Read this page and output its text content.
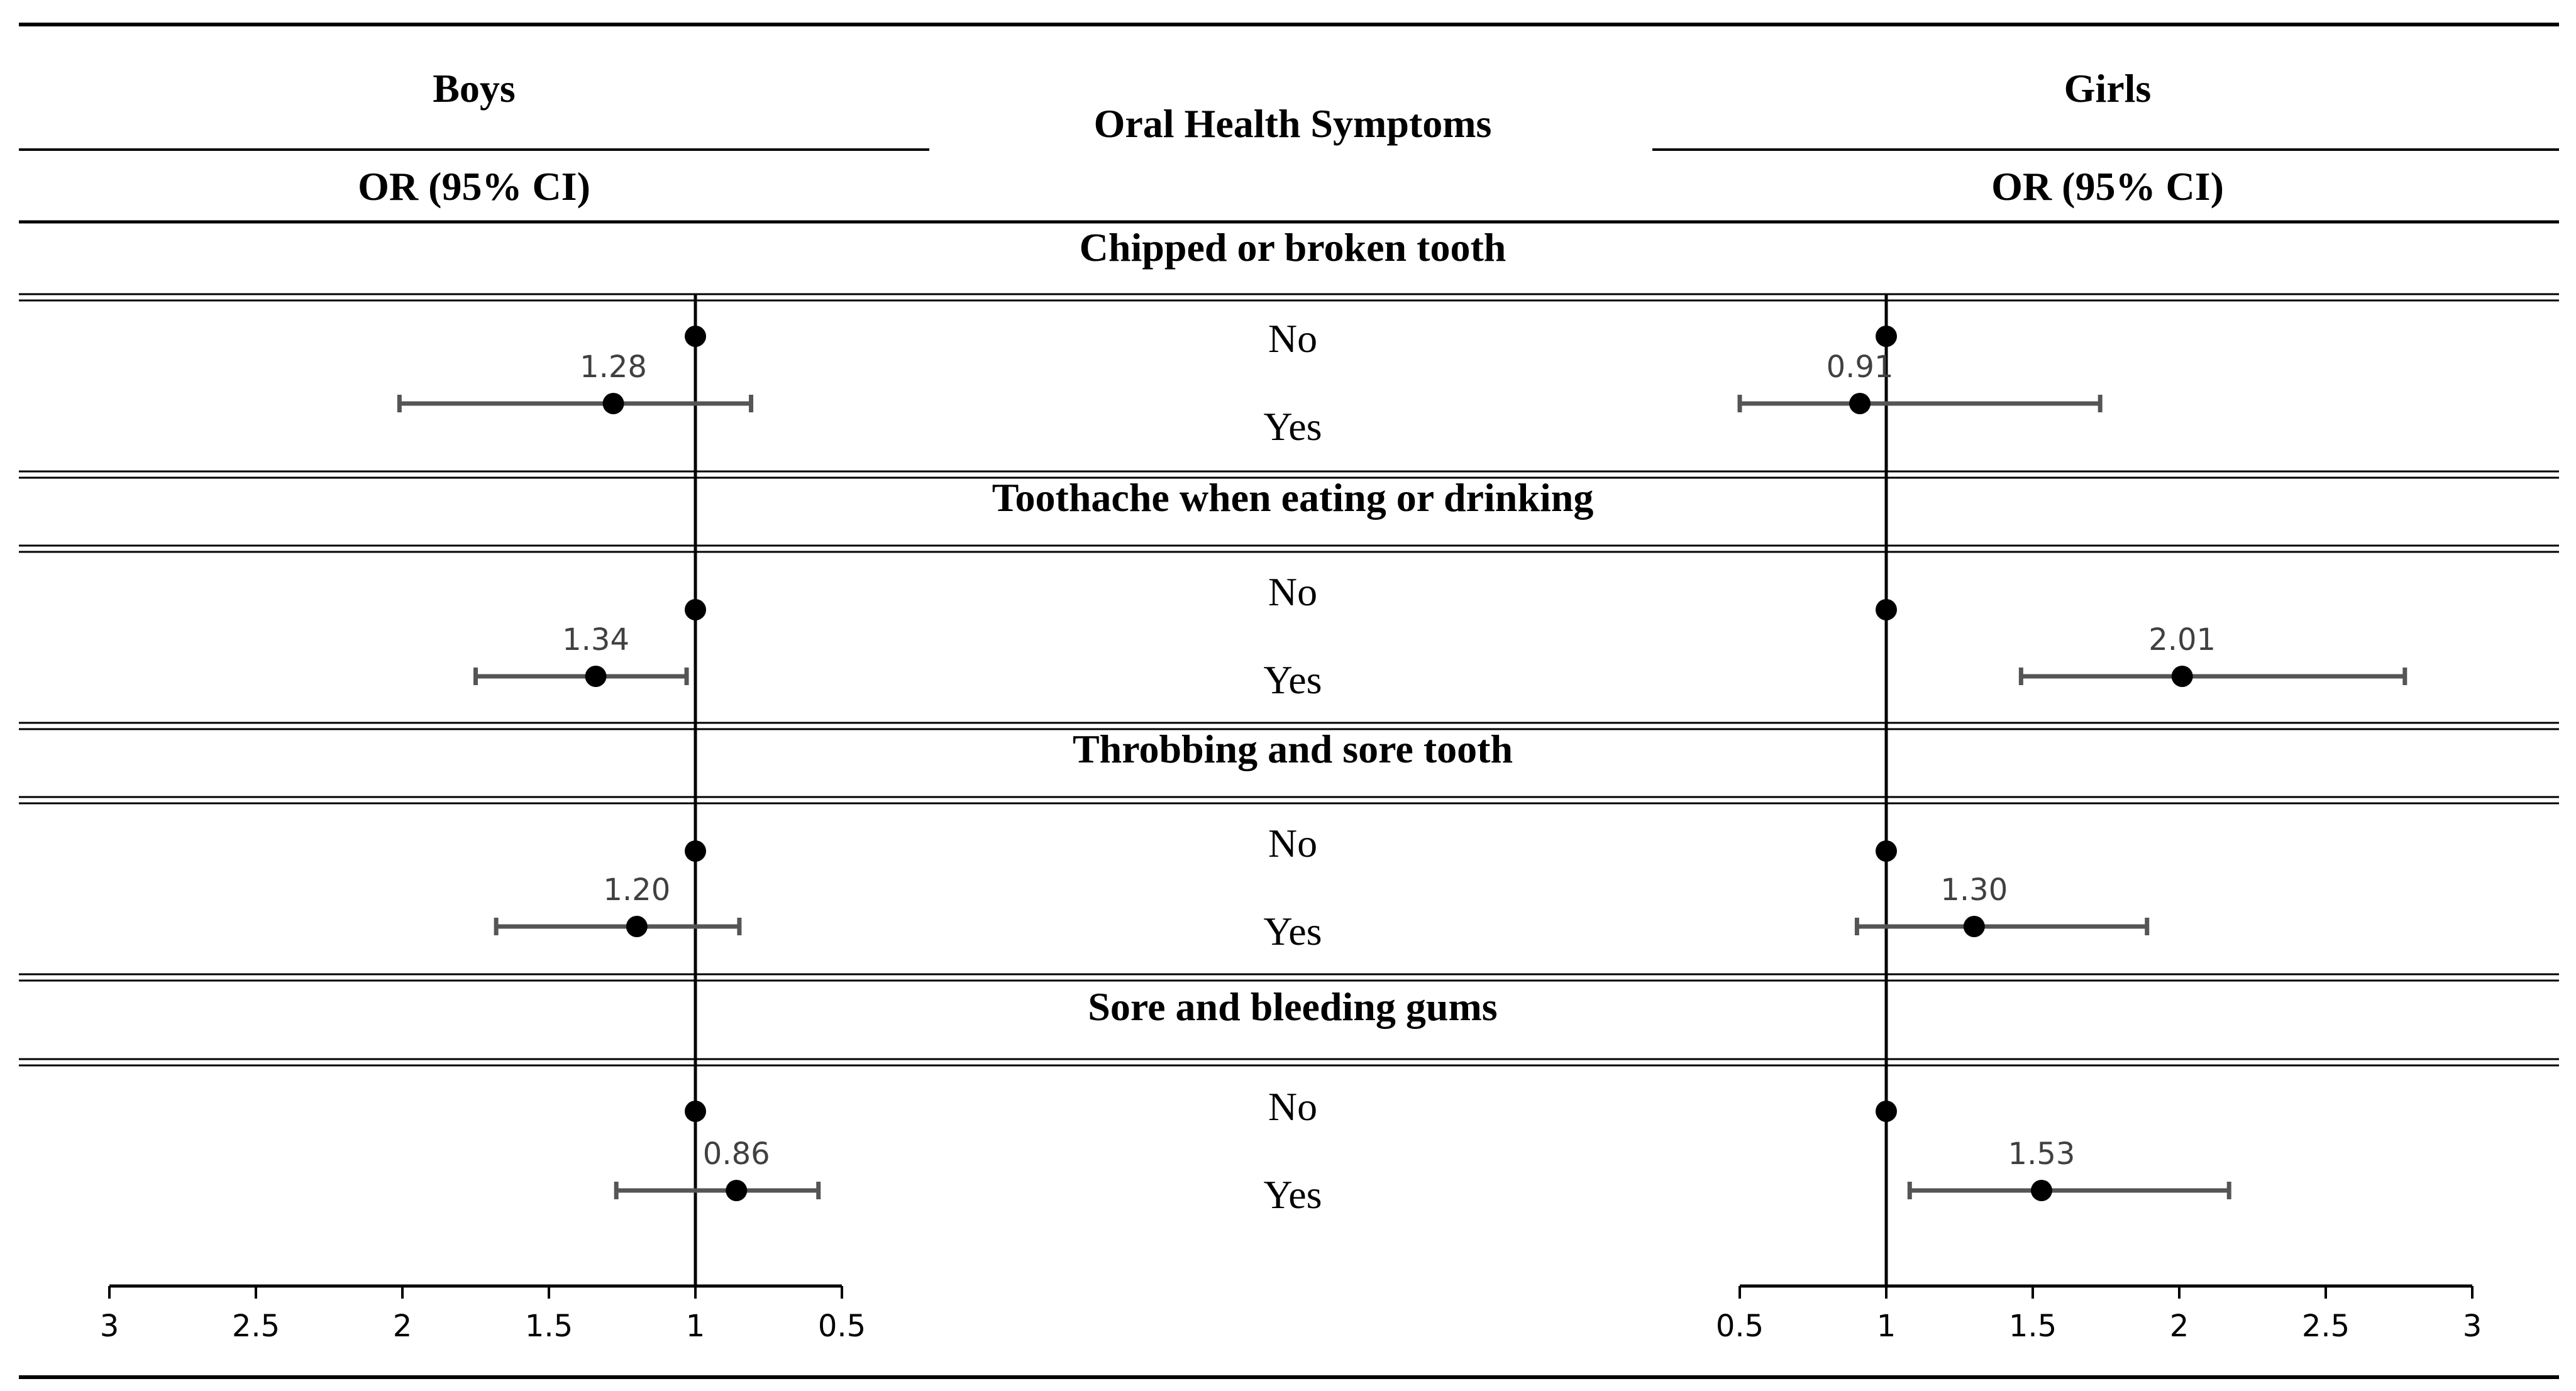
Boys	Girls
Oral Health Symptoms
OR (95% CI)	OR (95% CI)
Chipped or broken tooth
No
Yes
Toothache when eating or drinking
No
Yes
Throbbing and sore tooth
No
Yes
Sore and bleeding gums
No
Yes
1.28	0.91
1.34	2.01
1.20	1.30
0.86	1.53
3	2.5	2	1.5	1	0.5	0.5	1	1.5	2	2.5	3
